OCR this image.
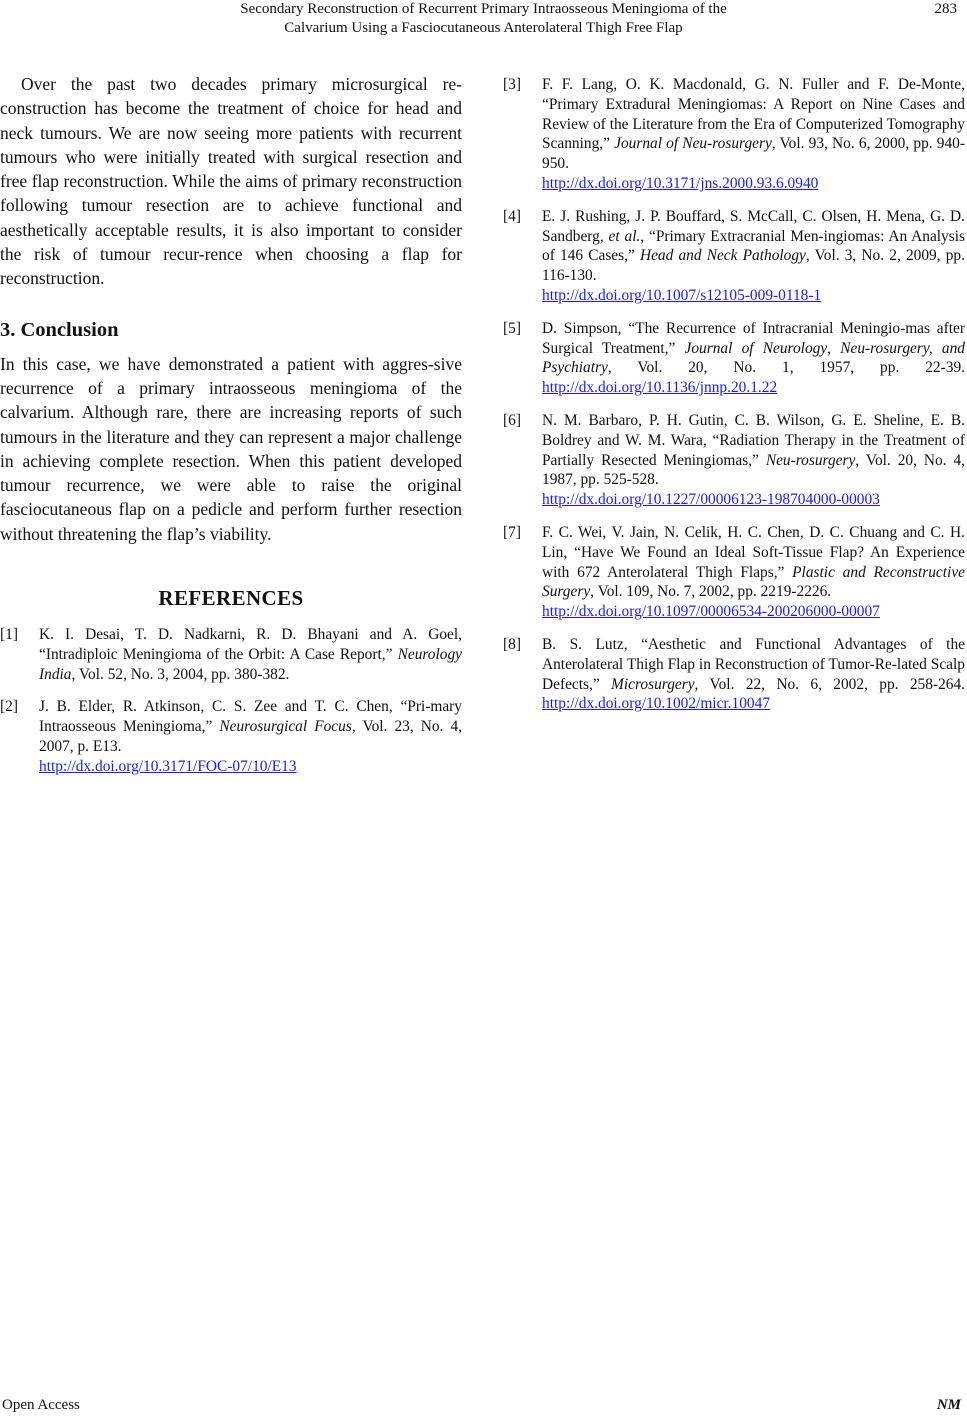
Secondary Reconstruction of Recurrent Primary Intraosseous Meningioma of the
Calvarium Using a Fasciocutaneous Anterolateral Thigh Free Flap
283

Over the past two decades primary microsurgical re-construction has become the treatment of choice for head and neck tumours. We are now seeing more patients with recurrent tumours who were initially treated with surgical resection and free flap reconstruction. While the aims of primary reconstruction following tumour resection are to achieve functional and aesthetically acceptable results, it is also important to consider the risk of tumour recur-rence when choosing a flap for reconstruction.

3. Conclusion

In this case, we have demonstrated a patient with aggres-sive recurrence of a primary intraosseous meningioma of the calvarium. Although rare, there are increasing reports of such tumours in the literature and they can represent a major challenge in achieving complete resection. When this patient developed tumour recurrence, we were able to raise the original fasciocutaneous flap on a pedicle and perform further resection without threatening the flap’s viability.

REFERENCES
[1]	K. I. Desai, T. D. Nadkarni, R. D. Bhayani and A. Goel, “Intradiploic Meningioma of the Orbit: A Case Report,” Neurology India, Vol. 52, No. 3, 2004, pp. 380-382.
[2]	J. B. Elder, R. Atkinson, C. S. Zee and T. C. Chen, “Pri-mary Intraosseous Meningioma,” Neurosurgical Focus, Vol. 23, No. 4, 2007, p. E13.
http://dx.doi.org/10.3171/FOC-07/10/E13
[3]	F. F. Lang, O. K. Macdonald, G. N. Fuller and F. De-Monte, “Primary Extradural Meningiomas: A Report on Nine Cases and Review of the Literature from the Era of Computerized Tomography Scanning,” Journal of Neu-rosurgery, Vol. 93, No. 6, 2000, pp. 940-950.
http://dx.doi.org/10.3171/jns.2000.93.6.0940
[4]	E. J. Rushing, J. P. Bouffard, S. McCall, C. Olsen, H. Mena, G. D. Sandberg, et al., “Primary Extracranial Men-ingiomas: An Analysis of 146 Cases,” Head and Neck Pathology, Vol. 3, No. 2, 2009, pp. 116-130.
http://dx.doi.org/10.1007/s12105-009-0118-1
[5]	D. Simpson, “The Recurrence of Intracranial Meningio-mas after Surgical Treatment,” Journal of Neurology, Neu-rosurgery, and Psychiatry, Vol. 20, No. 1, 1957, pp. 22-39. http://dx.doi.org/10.1136/jnnp.20.1.22
[6]	N. M. Barbaro, P. H. Gutin, C. B. Wilson, G. E. Sheline, E. B. Boldrey and W. M. Wara, “Radiation Therapy in the Treatment of Partially Resected Meningiomas,” Neu-rosurgery, Vol. 20, No. 4, 1987, pp. 525-528.
http://dx.doi.org/10.1227/00006123-198704000-00003
[7]	F. C. Wei, V. Jain, N. Celik, H. C. Chen, D. C. Chuang and C. H. Lin, “Have We Found an Ideal Soft-Tissue Flap? An Experience with 672 Anterolateral Thigh Flaps,” Plastic and Reconstructive Surgery, Vol. 109, No. 7, 2002, pp. 2219-2226.
http://dx.doi.org/10.1097/00006534-200206000-00007
[8]	B. S. Lutz, “Aesthetic and Functional Advantages of the Anterolateral Thigh Flap in Reconstruction of Tumor-Re-lated Scalp Defects,” Microsurgery, Vol. 22, No. 6, 2002, pp. 258-264. http://dx.doi.org/10.1002/micr.10047
Open Access	NM
